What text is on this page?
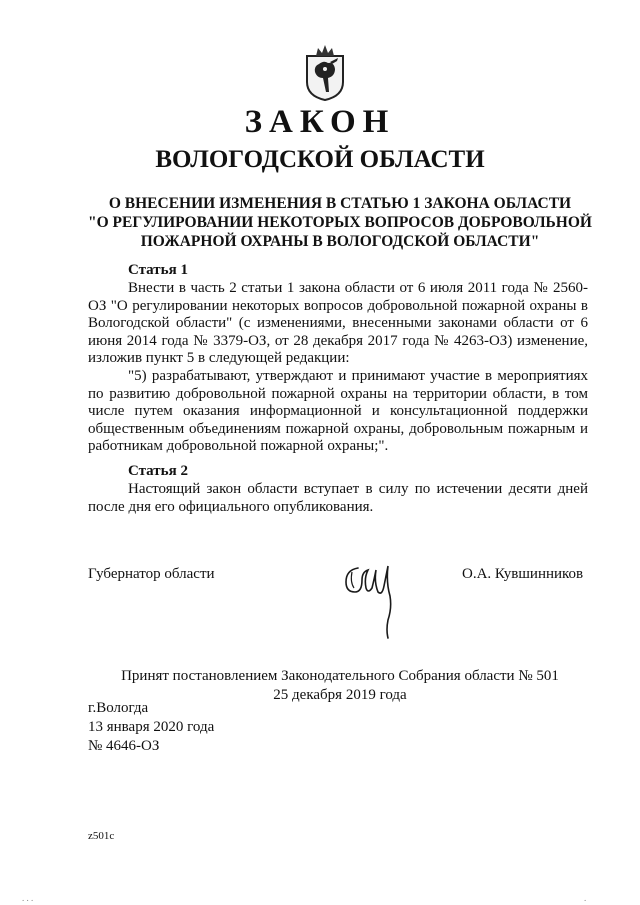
ЗАКОН
ВОЛОГОДСКОЙ ОБЛАСТИ
О ВНЕСЕНИИ ИЗМЕНЕНИЯ В СТАТЬЮ 1 ЗАКОНА ОБЛАСТИ
"О РЕГУЛИРОВАНИИ НЕКОТОРЫХ ВОПРОСОВ ДОБРОВОЛЬНОЙ
ПОЖАРНОЙ ОХРАНЫ В ВОЛОГОДСКОЙ ОБЛАСТИ"
Статья 1

Внести в часть 2 статьи 1 закона области от 6 июля 2011 года № 2560-ОЗ "О регулировании некоторых вопросов добровольной пожарной охраны в Вологодской области" (с изменениями, внесенными законами области от 6 июня 2014 года № 3379-ОЗ, от 28 декабря 2017 года № 4263-ОЗ) изменение, изложив пункт 5 в следующей редакции:

"5) разрабатывают, утверждают и принимают участие в мероприятиях по развитию добровольной пожарной охраны на территории области, в том числе путем оказания информационной и консультационной поддержки общественным объединениям пожарной охраны, добровольным пожарным и работникам добровольной пожарной охраны;".

Статья 2

Настоящий закон области вступает в силу по истечении десяти дней после дня его официального опубликования.

Губернатор области	О.А. Кувшинников
Принят постановлением Законодательного Собрания области № 501
25 декабря 2019 года
г.Вологда
13 января 2020 года
№ 4646-ОЗ
z501c
. . .	.
